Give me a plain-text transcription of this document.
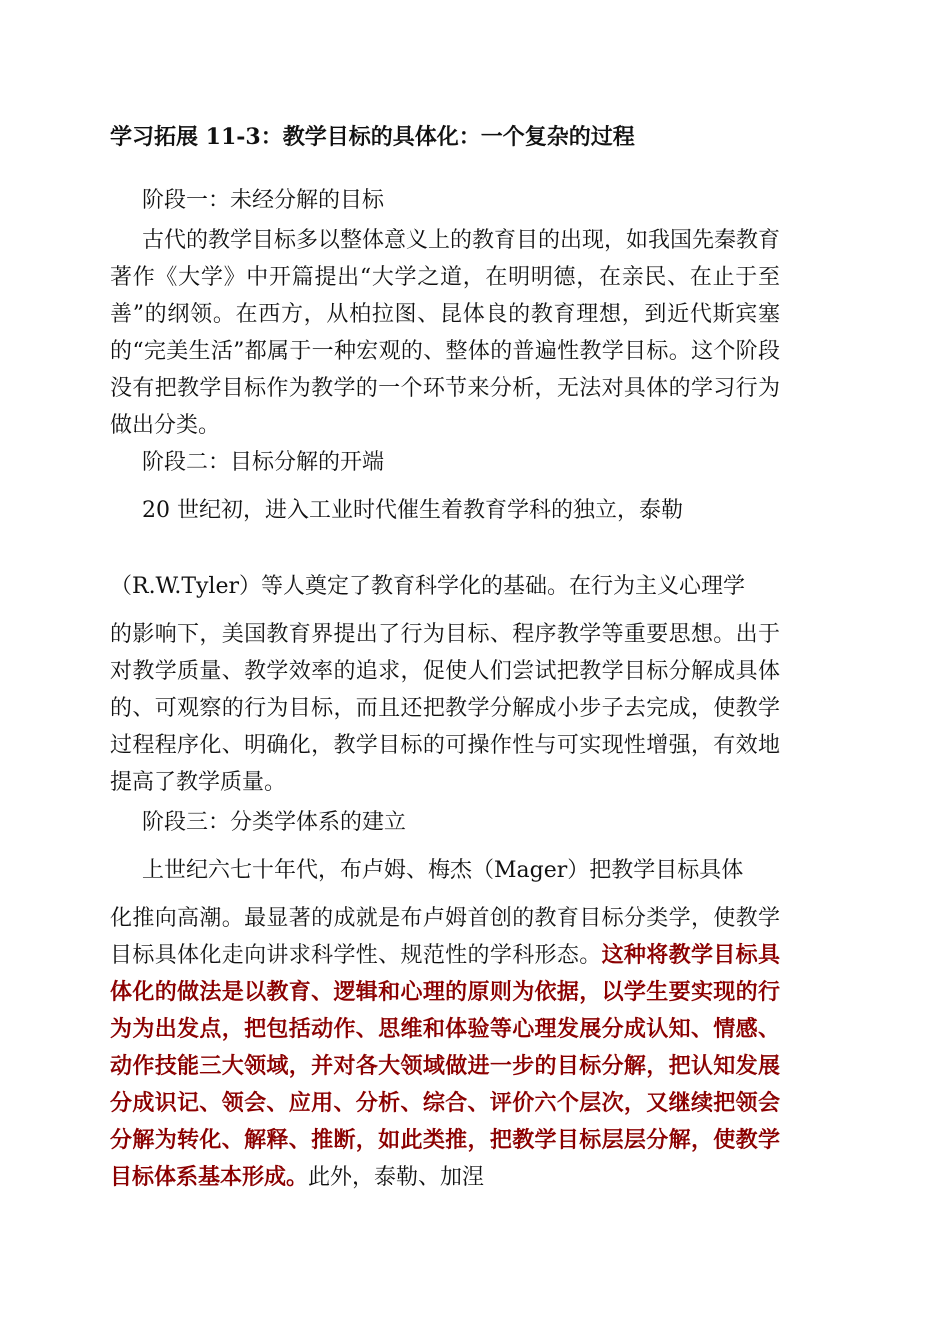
学习拓展 11-3：教学目标的具体化：一个复杂的过程
阶段一：未经分解的目标
古代的教学目标多以整体意义上的教育目的出现，如我国先秦教育著作《大学》中开篇提出“大学之道，在明明德，在亲民、在止于至善”的纲领。在西方，从柏拉图、昆体良的教育理想，到近代斯宾塞的“完美生活”都属于一种宏观的、整体的普遍性教学目标。这个阶段没有把教学目标作为教学的一个环节来分析，无法对具体的学习行为做出分类。
阶段二：目标分解的开端
20 世纪初，进入工业时代催生着教育学科的独立，泰勒
（R.W.Tyler）等人奠定了教育科学化的基础。在行为主义心理学
的影响下，美国教育界提出了行为目标、程序教学等重要思想。出于对教学质量、教学效率的追求，促使人们尝试把教学目标分解成具体的、可观察的行为目标，而且还把教学分解成小步子去完成，使教学过程程序化、明确化，教学目标的可操作性与可实现性增强，有效地提高了教学质量。
阶段三：分类学体系的建立
上世纪六七十年代，布卢姆、梅杰（Mager）把教学目标具体
化推向高潮。最显著的成就是布卢姆首创的教育目标分类学，使教学目标具体化走向讲求科学性、规范性的学科形态。这种将教学目标具体化的做法是以教育、逻辑和心理的原则为依据，以学生要实现的行为为出发点，把包括动作、思维和体验等心理发展分成认知、情感、动作技能三大领域，并对各大领域做进一步的目标分解，把认知发展分成识记、领会、应用、分析、综合、评价六个层次，又继续把领会分解为转化、解释、推断，如此类推，把教学目标层层分解，使教学目标体系基本形成。此外，泰勒、加涅
